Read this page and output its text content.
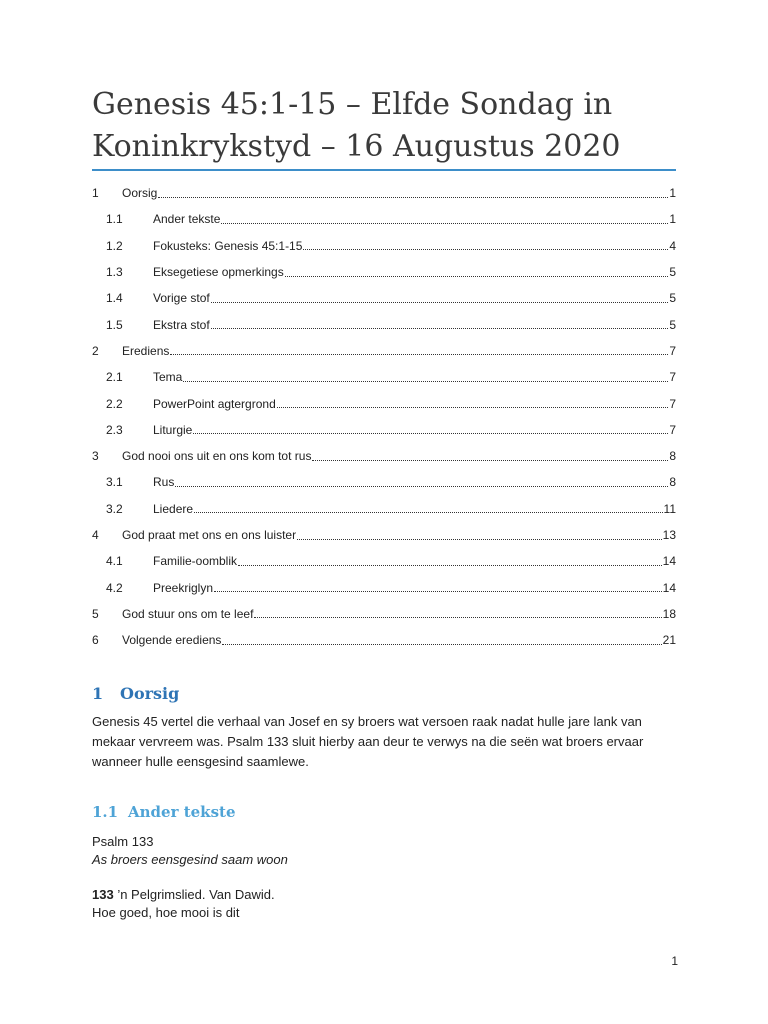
Genesis 45:1-15 – Elfde Sondag in Koninkrykstyd – 16 Augustus 2020
1	Oorsig	1
1.1	Ander tekste	1
1.2	Fokusteks: Genesis 45:1-15	4
1.3	Eksegetiese opmerkings	5
1.4	Vorige stof	5
1.5	Ekstra stof	5
2	Erediens	7
2.1	Tema	7
2.2	PowerPoint agtergrond	7
2.3	Liturgie	7
3	God nooi ons uit en ons kom tot rus	8
3.1	Rus	8
3.2	Liedere	11
4	God praat met ons en ons luister	13
4.1	Familie-oomblik	14
4.2	Preekriglyn	14
5	God stuur ons om te leef	18
6	Volgende erediens	21
1 Oorsig

Genesis 45 vertel die verhaal van Josef en sy broers wat versoen raak nadat hulle jare lank van mekaar vervreem was. Psalm 133 sluit hierby aan deur te verwys na die seën wat broers ervaar wanneer hulle eensgesind saamlewe.

1.1 Ander tekste

Psalm 133

As broers eensgesind saam woon

133 ’n Pelgrimslied. Van Dawid.

Hoe goed, hoe mooi is dit

1
